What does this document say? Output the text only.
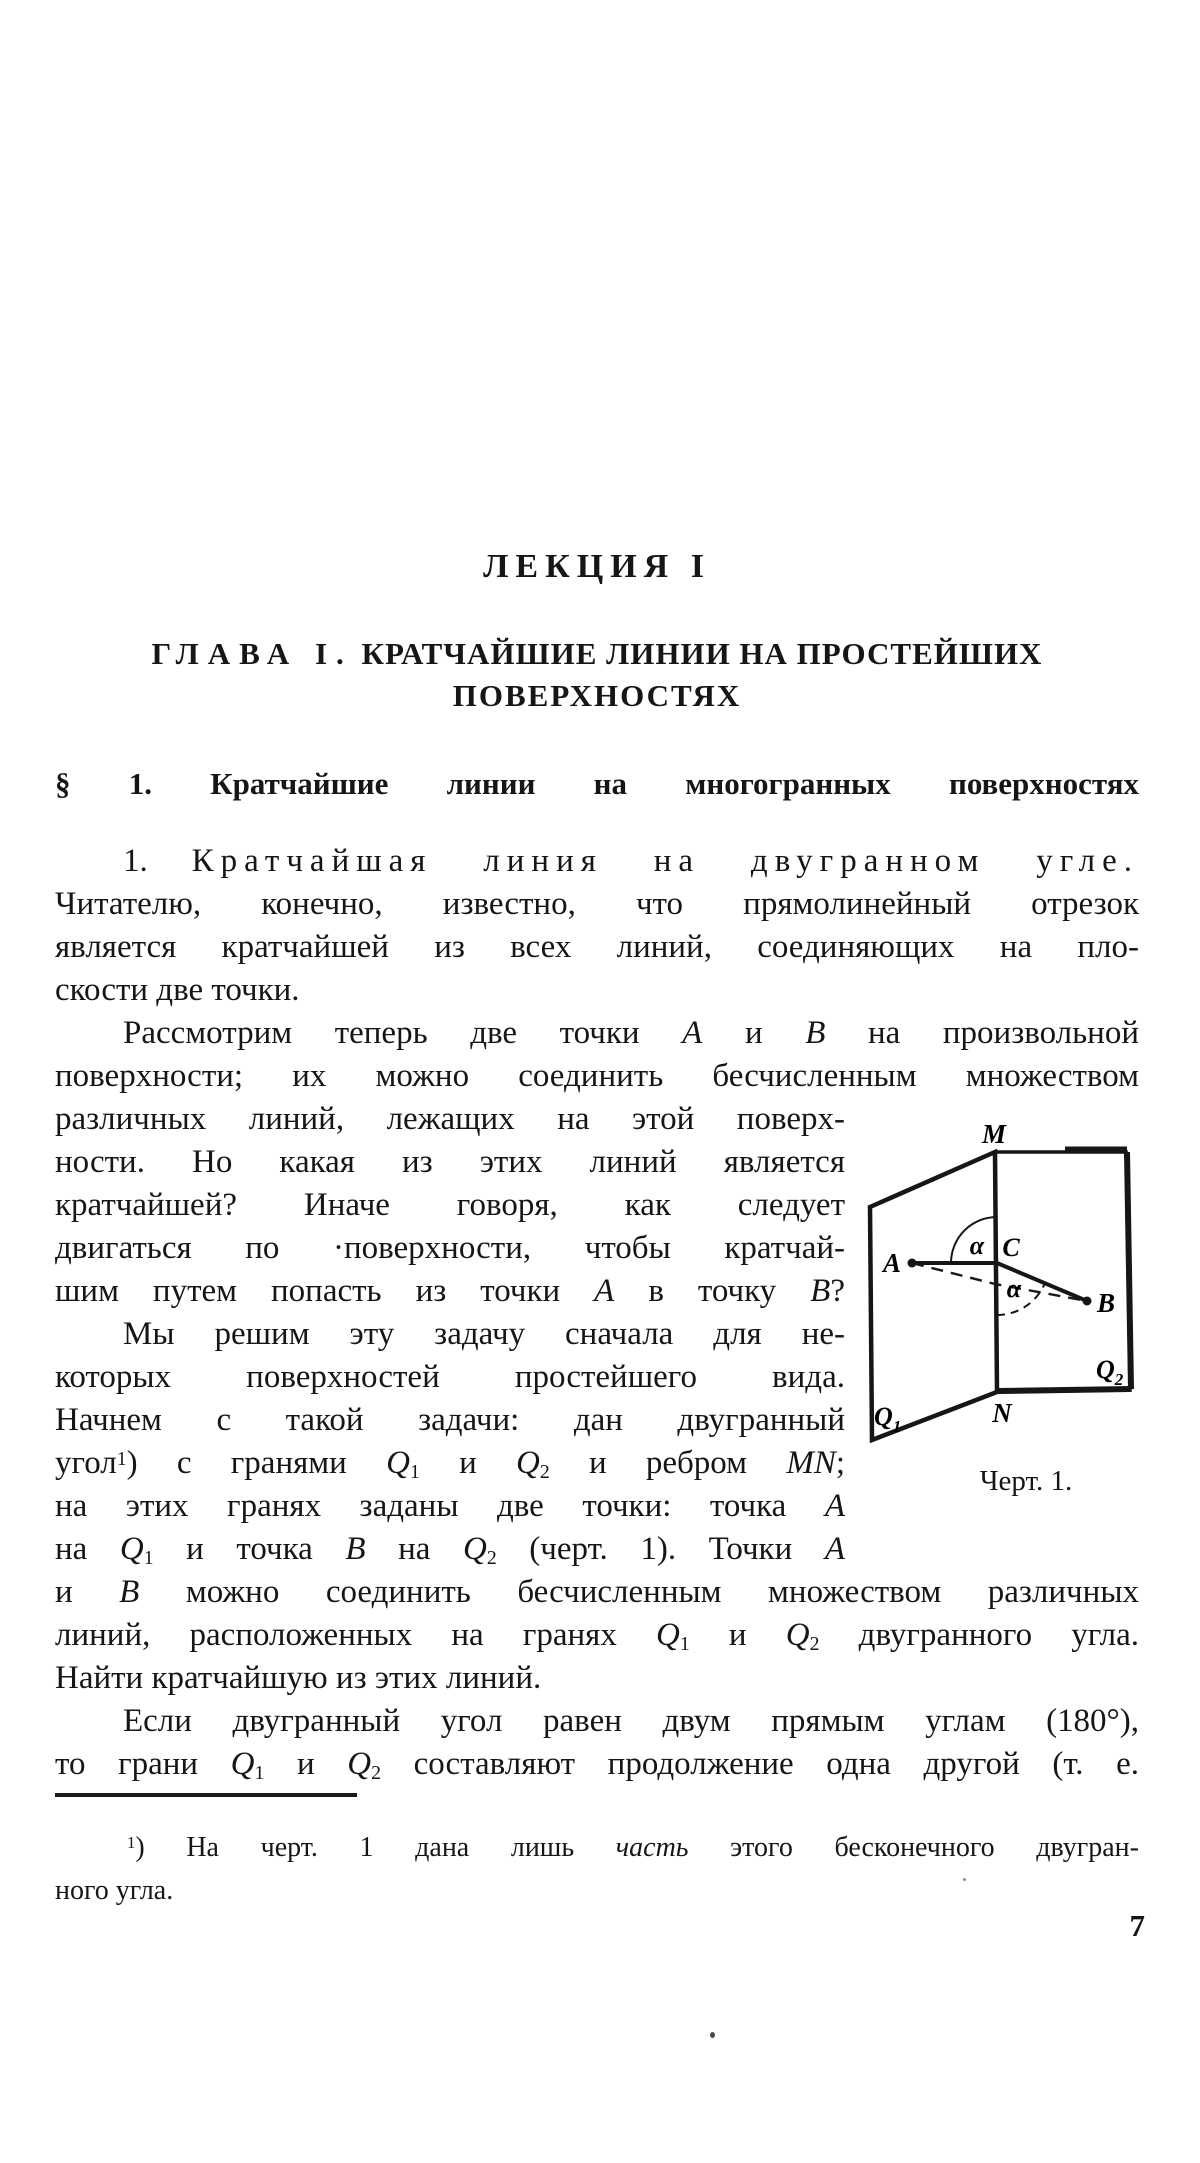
ЛЕКЦИЯ I
ГЛАВА I. КРАТЧАЙШИЕ ЛИНИИ НА ПРОСТЕЙШИХ
ПОВЕРХНОСТЯХ
§ 1. Кратчайшие линии на многогранных поверхностях
1. Кратчайшая линия на двугранном угле.
Читателю, конечно, известно, что прямолинейный отрезок
является кратчайшей из всех линий, соединяющих на пло-
скости две точки.
Рассмотрим теперь две точки А и В на произвольной
поверхности; их можно соединить бесчисленным множеством
различных линий, лежащих на этой поверх-
ности. Но какая из этих линий является
кратчайшей? Иначе говоря, как следует
двигаться по ·поверхности, чтобы кратчай-
шим путем попасть из точки А в точку В?
Мы решим эту задачу сначала для не-
которых поверхностей простейшего вида.
Начнем с такой задачи: дан двугранный
угол$^1$) с гранями $Q_1$ и $Q_2$ и ребром MN;
на этих гранях заданы две точки: точка А
на $Q_1$ и точка В на $Q_2$ (черт. 1). Точки А
и В можно соединить бесчисленным множеством различных
линий, расположенных на гранях $Q_1$ и $Q_2$ двугранного угла.
Найти кратчайшую из этих линий.
Если двугранный угол равен двум прямым углам (180°),
то грани $Q_1$ и $Q_2$ составляют продолжение одна другой (т. е.
M
N
А
В
C
α
α
$Q_1$
$Q_2$
Черт. 1.
$^1$) На черт. 1 дана лишь часть этого бесконечного двугран-
ного угла.
7
